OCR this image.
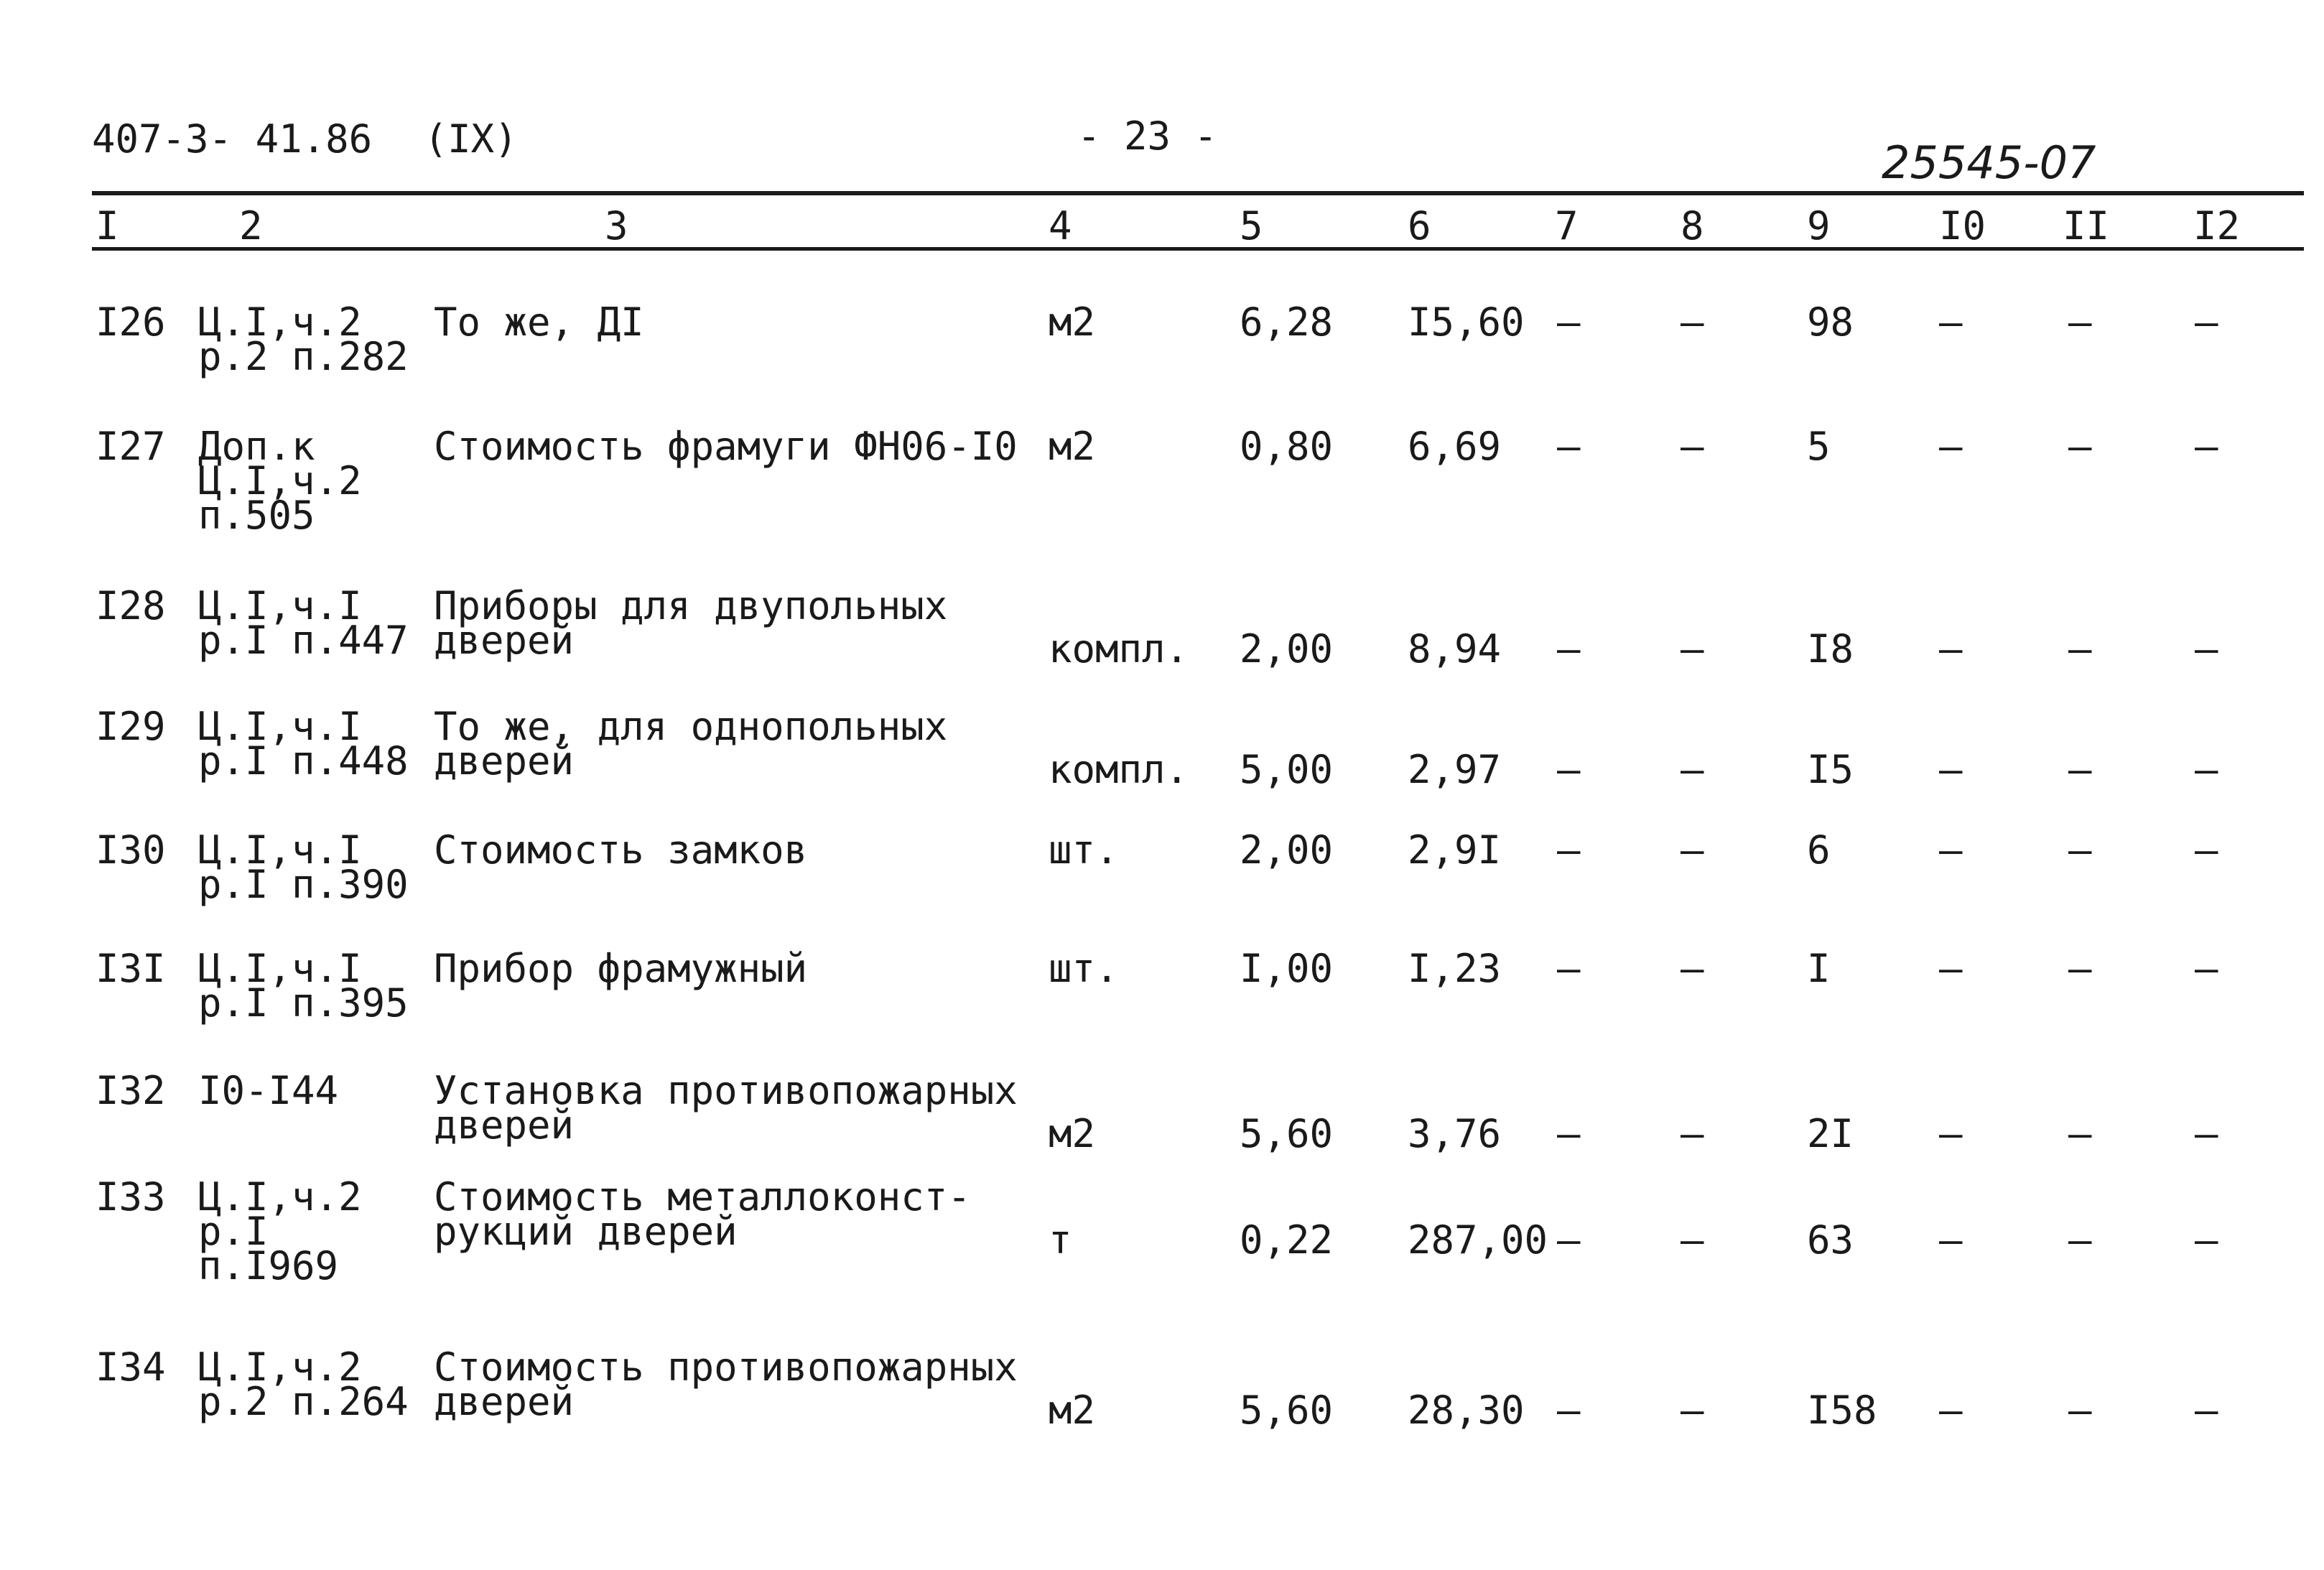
407-3- 41.86 (IX)	- 23 -
25545-07
I	2	3	4	5	6	7	8	9	I0 II I2
I26 Ц.I,ч.2
р.2 п.282
То же, ДI	м2	6,28 I5,60 –	–	98 –	–	–
I27 Доп.к
Ц.I,ч.2
п.505
Стоимость фрамуги ФН06-I0 м2	0,80 6,69 –	–	5	–	–	–
I28 Ц.I,ч.I
р.I п.447
Приборы для двупольных
дверей	компл. 2,00 8,94 –	–	I8 –	–	–
I29 Ц.I,ч.I
р.I п.448
То же, для однопольных
дверей	компл. 5,00 2,97 –	–	I5 –	–	–
I30 Ц.I,ч.I
р.I п.390
Стоимость замков	шт.	2,00 2,9I –	–	6	–	–	–
I3I Ц.I,ч.I
р.I п.395
Прибор фрамужный	шт.	I,00 I,23 –	–	I	–	–	–
I32 I0-I44 Установка противопожарных
дверей	м2	5,60 3,76 –	–	2I –	–	–
I33 Ц.I,ч.2
р.I
п.I969
Стоимость металлоконст-
рукций дверей	т	0,22 287,00 –	–	63 –	–	–
I34 Ц.I,ч.2
р.2 п.264
Стоимость противопожарных
дверей	м2	5,60 28,30 –	–	I58 –	–	–
